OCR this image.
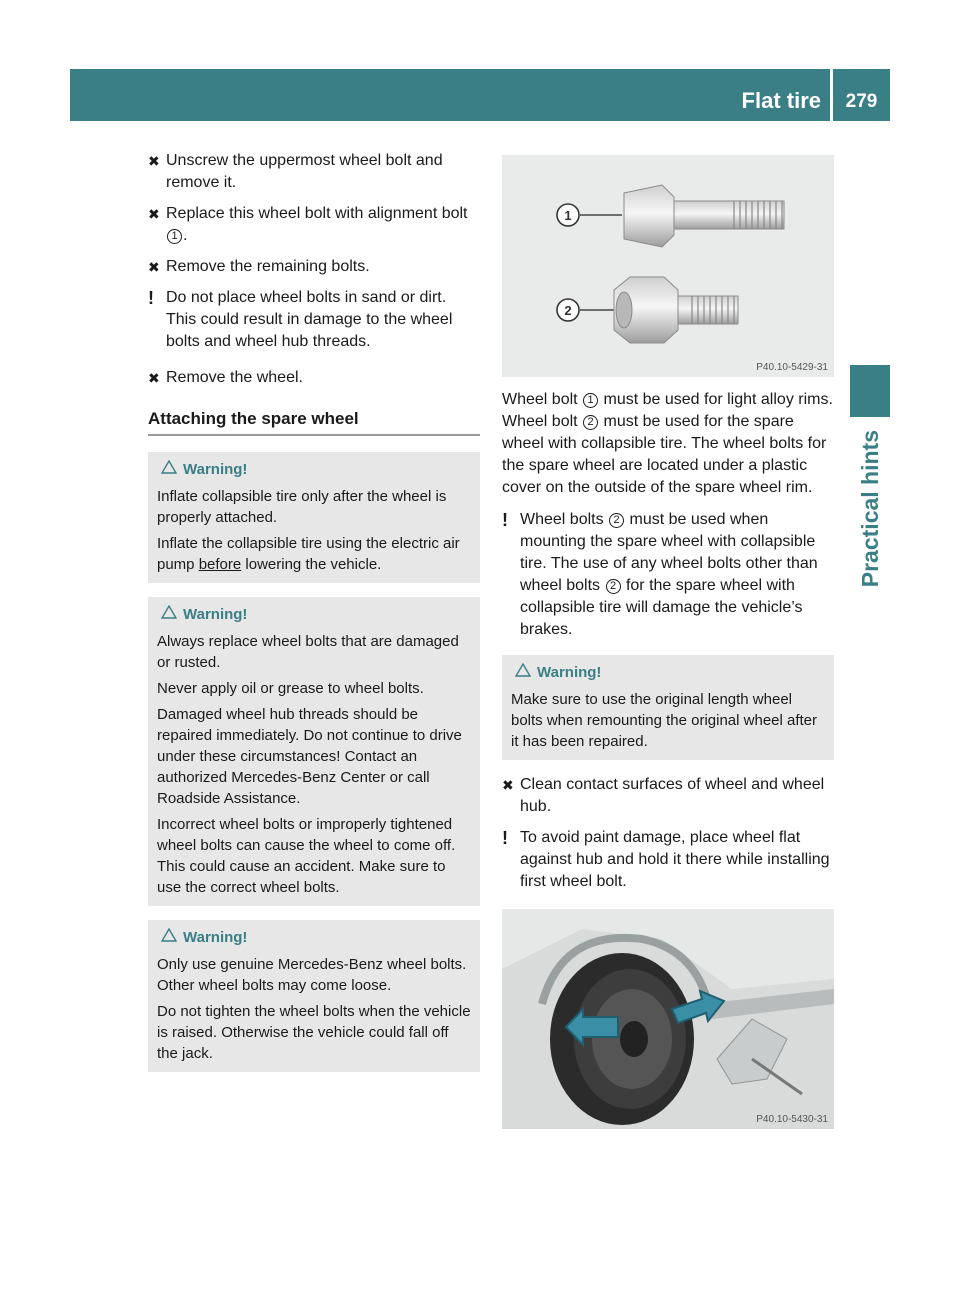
Flat tire	279
Practical hints
✖︎ Unscrew the uppermost wheel bolt and remove it.
✖︎ Replace this wheel bolt with alignment bolt 1 .
✖︎ Remove the remaining bolts.
! Do not place wheel bolts in sand or dirt. This could result in damage to the wheel bolts and wheel hub threads.
✖︎ Remove the wheel.
Attaching the spare wheel
Warning!

Inflate collapsible tire only after the wheel is properly attached.

Inflate the collapsible tire using the electric air pump before lowering the vehicle.

Warning!

Always replace wheel bolts that are damaged or rusted.

Never apply oil or grease to wheel bolts.

Damaged wheel hub threads should be repaired immediately. Do not continue to drive under these circumstances! Contact an authorized Mercedes-Benz Center or call Roadside Assistance.

Incorrect wheel bolts or improperly tightened wheel bolts can cause the wheel to come off. This could cause an accident. Make sure to use the correct wheel bolts.

Warning!

Only use genuine Mercedes-Benz wheel bolts. Other wheel bolts may come loose.

Do not tighten the wheel bolts when the vehicle is raised. Otherwise the vehicle could fall off the jack.

1
2
P40.10-5429-31
Wheel bolt 1 must be used for light alloy rims. Wheel bolt 2 must be used for the spare wheel with collapsible tire. The wheel bolts for the spare wheel are located under a plastic cover on the outside of the spare wheel rim.
! Wheel bolts 2 must be used when mounting the spare wheel with collapsible tire. The use of any wheel bolts other than wheel bolts 2 for the spare wheel with collapsible tire will damage the vehicle’s brakes.
Warning!

Make sure to use the original length wheel bolts when remounting the original wheel after it has been repaired.

✖︎ Clean contact surfaces of wheel and wheel hub.
! To avoid paint damage, place wheel flat against hub and hold it there while installing first wheel bolt.
P40.10-5430-31
